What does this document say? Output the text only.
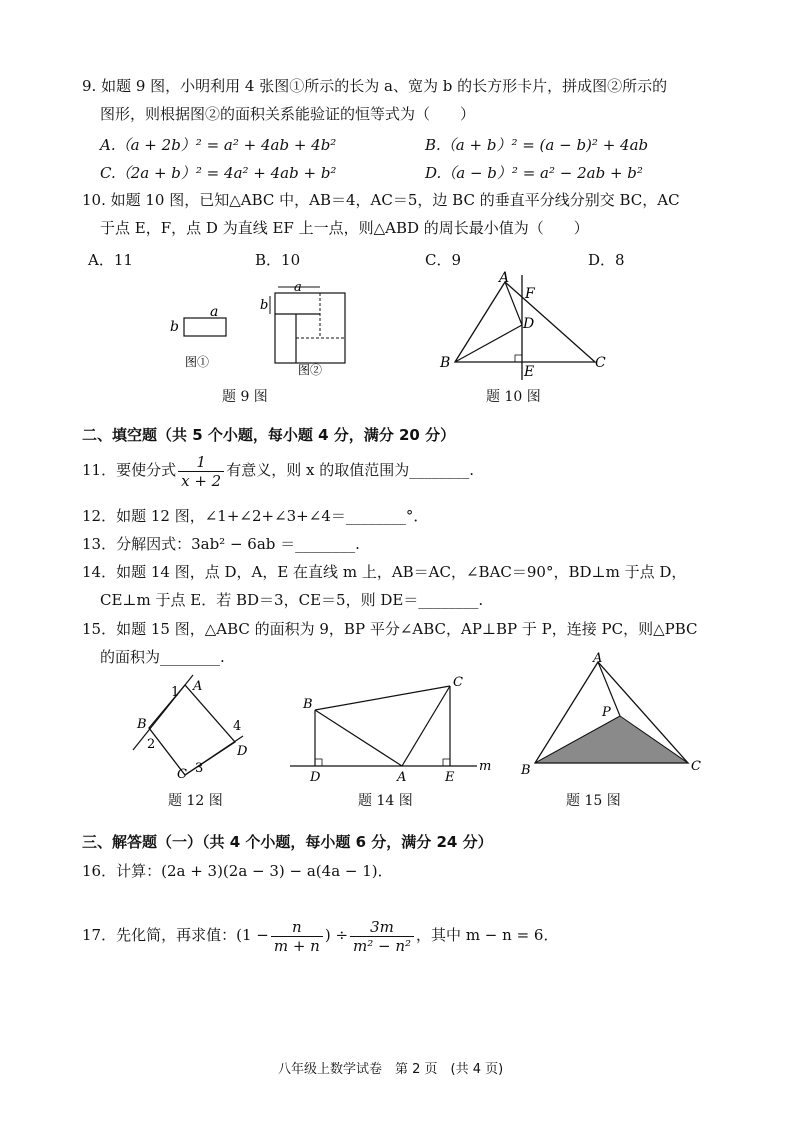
9. 如题 9 图，小明利用 4 张图①所示的长为 a、宽为 b 的长方形卡片，拼成图②所示的
图形，则根据图②的面积关系能验证的恒等式为（　　）
A.（a + 2b）² = a² + 4ab + 4b²	B.（a + b）² = (a − b)² + 4ab
C.（2a + b）² = 4a² + 4ab + b²	D.（a − b）² = a² − 2ab + b²
10. 如题 10 图，已知△ABC 中，AB＝4，AC＝5，边 BC 的垂直平分线分别交 BC，AC
于点 E，F，点 D 为直线 EF 上一点，则△ABD 的周长最小值为（　　）
A．11	B．10	C．9	D．8
a
b
图①
a
b
图②
题 9 图
A
F
D
B
E
C
题 10 图
二、填空题（共 5 个小题，每小题 4 分，满分 20 分）
11．要使分式 $\frac{1}{x + 2}$ 有意义，则 x 的取值范围为________.
12．如题 12 图，∠1+∠2+∠3+∠4＝________°．
13．分解因式：3ab² − 6ab ＝________.
14．如题 14 图，点 D，A，E 在直线 m 上，AB＝AC，∠BAC＝90°，BD⊥m 于点 D，
CE⊥m 于点 E．若 BD＝3，CE＝5，则 DE＝________.
15．如题 15 图，△ABC 的面积为 9，BP 平分∠ABC，AP⊥BP 于 P，连接 PC，则△PBC
的面积为________.
1 A
B
2
4
D
C 3
题 12 图
B
C
D	A	E
m
题 14 图
A
P
B	C
题 15 图
三、解答题（一）（共 4 个小题，每小题 6 分，满分 24 分）
16．计算：(2a + 3)(2a − 3) − a(4a − 1)．
17．先化简，再求值：($1 - \frac{n}{m + n}$ ) ÷ $\frac{3m}{\text{m² − n²}}$ ，其中 m − n = 6．
八年级上数学试卷　第 2 页　(共 4 页)
